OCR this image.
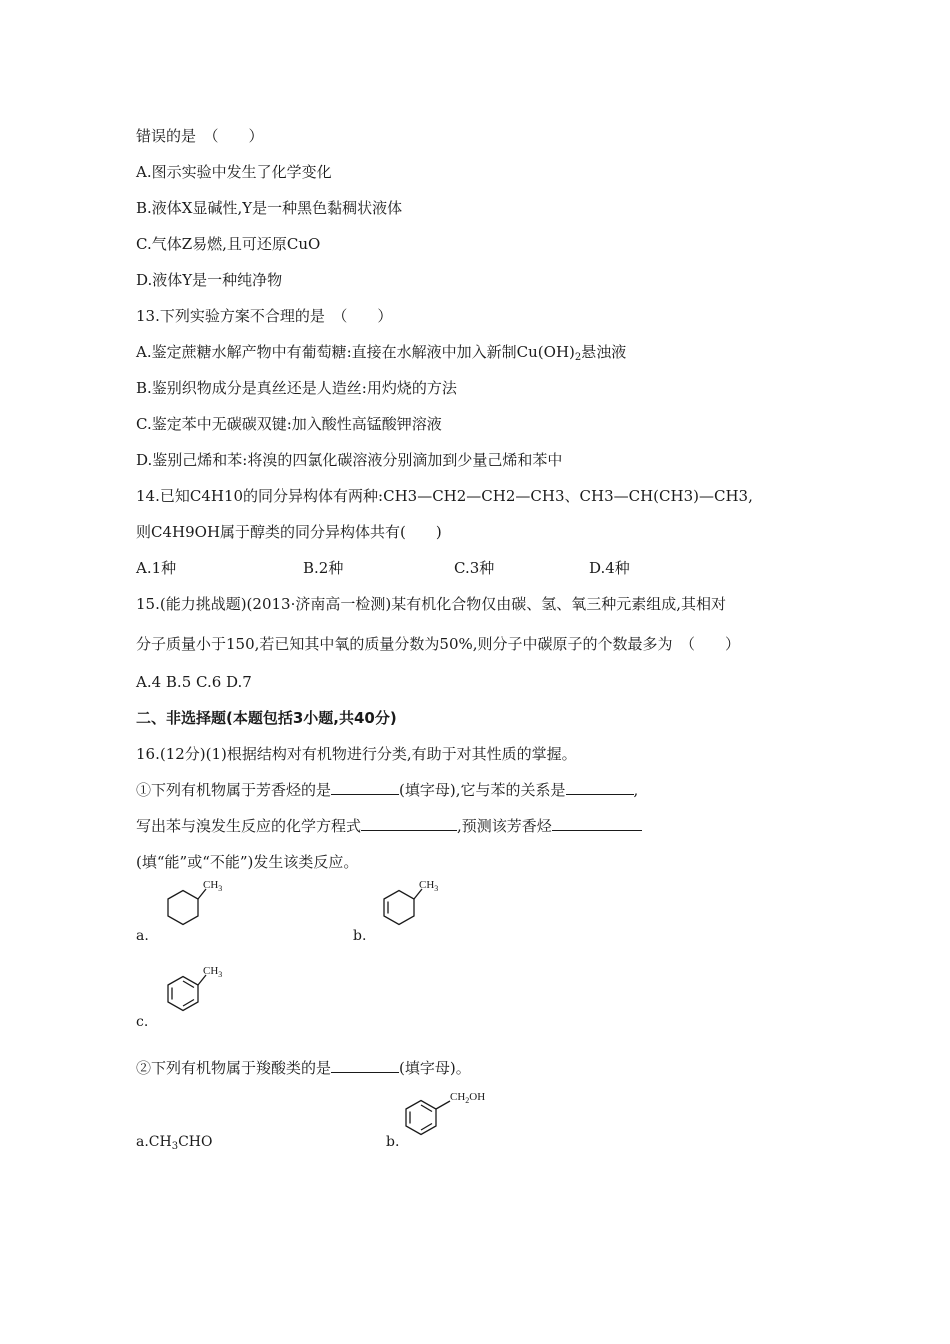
错误的是　（　　）
A.图示实验中发生了化学变化
B.液体X显碱性,Y是一种黑色黏稠状液体
C.气体Z易燃,且可还原CuO
D.液体Y是一种纯净物
13.下列实验方案不合理的是　（　　）
A.鉴定蔗糖水解产物中有葡萄糖:直接在水解液中加入新制$Cu(OH)_2$悬浊液
B.鉴别织物成分是真丝还是人造丝:用灼烧的方法
C.鉴定苯中无碳碳双键:加入酸性高锰酸钾溶液
D.鉴别己烯和苯:将溴的四氯化碳溶液分别滴加到少量己烯和苯中
14.已知C4H10的同分异构体有两种:CH3—CH2—CH2—CH3、CH3—CH(CH3)—CH3,
则C4H9OH属于醇类的同分异构体共有(　　)
A.1种	B.2种	C.3种	D.4种
15.(能力挑战题)(2013·济南高一检测)某有机化合物仅由碳、氢、氧三种元素组成,其相对
分子质量小于150,若已知其中氧的质量分数为50%,则分子中碳原子的个数最多为　（　　）
A.4 B.5 C.6 D.7
二、非选择题(本题包括3小题,共40分)
16.(12分)(1)根据结构对有机物进行分类,有助于对其性质的掌握。
①下列有机物属于芳香烃的是	(填字母),它与苯的关系是	,
写出苯与溴发生反应的化学方程式	,预测该芳香烃
(填“能”或“不能”)发生该类反应。
a.
$CH_3$
b.
$CH_3$
c.
$CH_3$
②下列有机物属于羧酸类的是	(填字母)。
$a.CH_3CHO$	b.
$CH_2OH$
